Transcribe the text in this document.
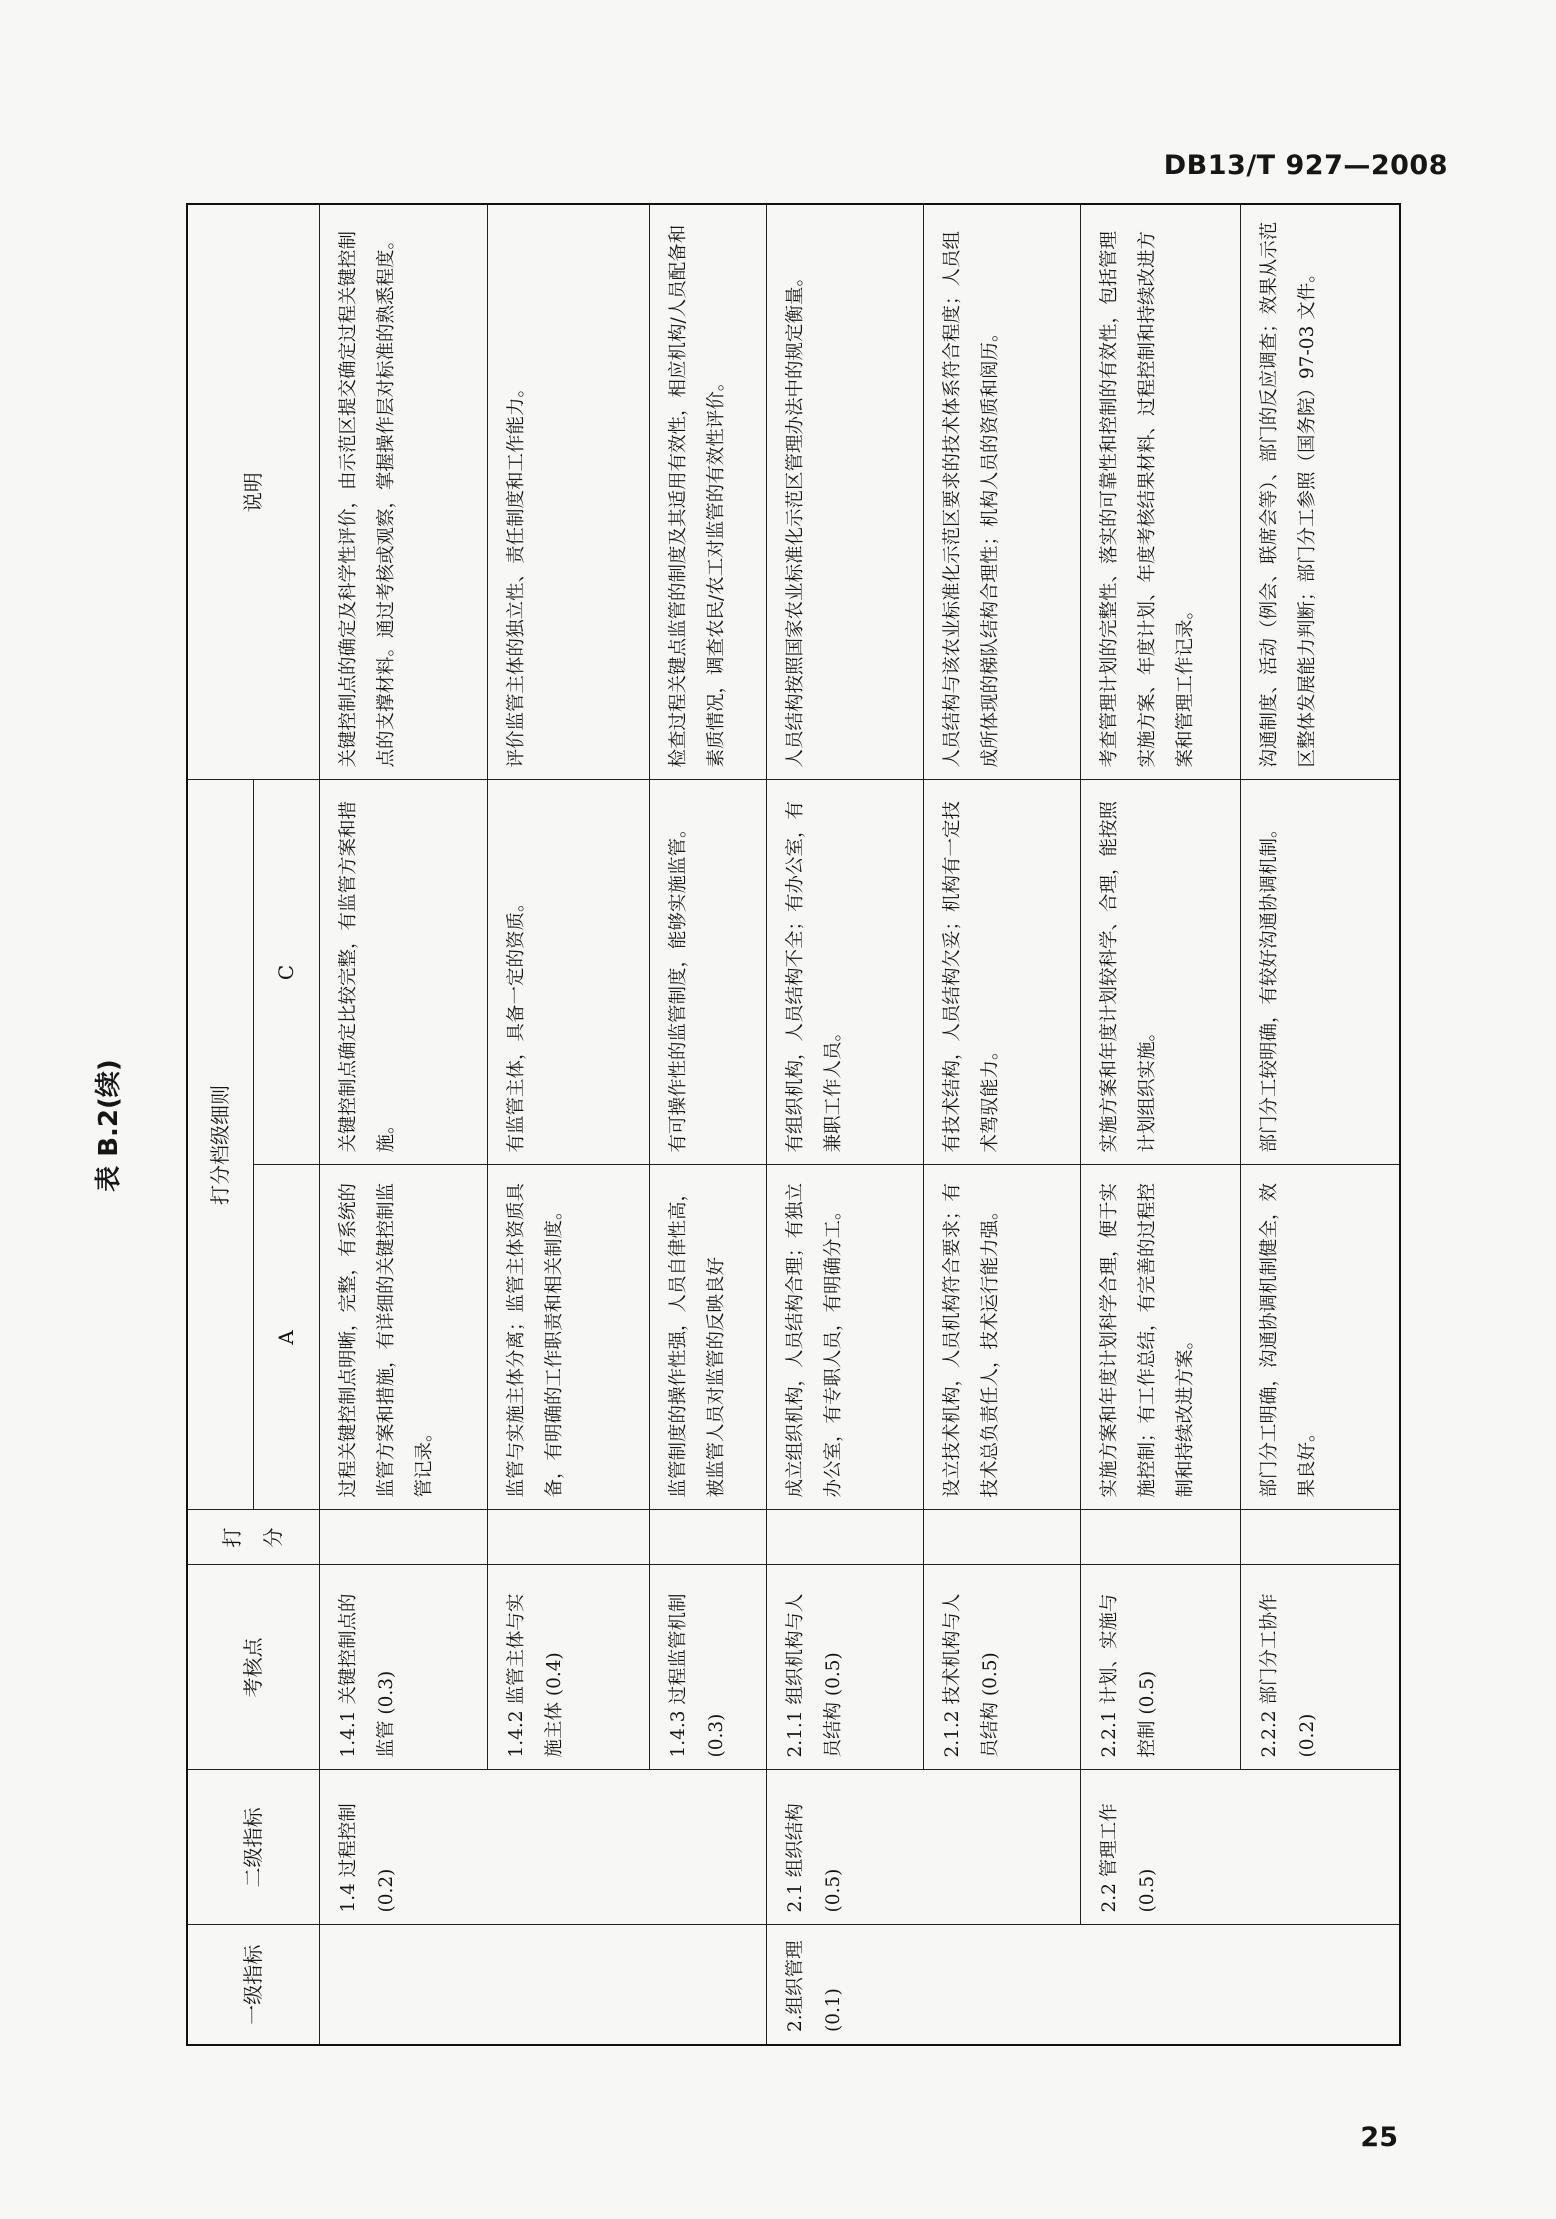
DB13/T 927—2008
表 B.2(续)
一级指标	二级指标	考核点	打分	打分档级细则		说明
				A	C	
	1.4 过程控制(0.2)	1.4.1 关键控制点的监管 (0.3)		过程关键控制点明晰，完整，有系统的监管方案和措施，有详细的关键控制监管记录。	关键控制点确定比较完整，有监管方案和措施。	关键控制点的确定及科学性评价，由示范区提交确定过程关键控制点的支撑材料。通过考核或观察，掌握操作层对标准的熟悉程度。
		1.4.2 监管主体与实施主体 (0.4)		监管与实施主体分离；监管主体资质具备，有明确的工作职责和相关制度。	有监管主体，具备一定的资质。	评价监管主体的独立性、责任制度和工作能力。
		1.4.3 过程监管机制 (0.3)		监管制度的操作性强，人员自律性高，被监管人员对监管的反映良好	有可操作性的监管制度，能够实施监管。	检查过程关键点监管的制度及其适用有效性，相应机构/人员配备和素质情况，调查农民/农工对监管的有效性评价。
2.组织管理 (0.1)	2.1 组织结构 (0.5)	2.1.1 组织机构与人员结构 (0.5)		成立组织机构，人员结构合理；有独立办公室，有专职人员，有明确分工。	有组织机构，人员结构不全；有办公室，有兼职工作人员。	人员结构按照国家农业标准化示范区管理办法中的规定衡量。
		2.1.2 技术机构与人员结构 (0.5)		设立技术机构，人员机构符合要求；有技术总负责任人，技术运行能力强。	有技术结构，人员结构欠妥；机构有一定技术驾驭能力。	人员结构与该农业标准化示范区要求的技术体系符合程度；人员组成所体现的梯队结构合理性；机构人员的资质和阅历。
	2.2 管理工作 (0.5)	2.2.1 计划、实施与控制 (0.5)		实施方案和年度计划科学合理，便于实施控制；有工作总结，有完善的过程控制和持续改进方案。	实施方案和年度计划较科学、合理，能按照计划组织实施。	考查管理计划的完整性、落实的可靠性和控制的有效性，包括管理实施方案、年度计划、年度考核结果材料、过程控制和持续改进方案和管理工作记录。
		2.2.2 部门分工协作 (0.2)		部门分工明确，沟通协调机制健全，效果良好。	部门分工较明确，有较好沟通协调机制。	沟通制度、活动（例会、联席会等）、部门的反应调查；效果从示范区整体发展能力判断；部门分工参照（国务院）97-03 文件。
25
